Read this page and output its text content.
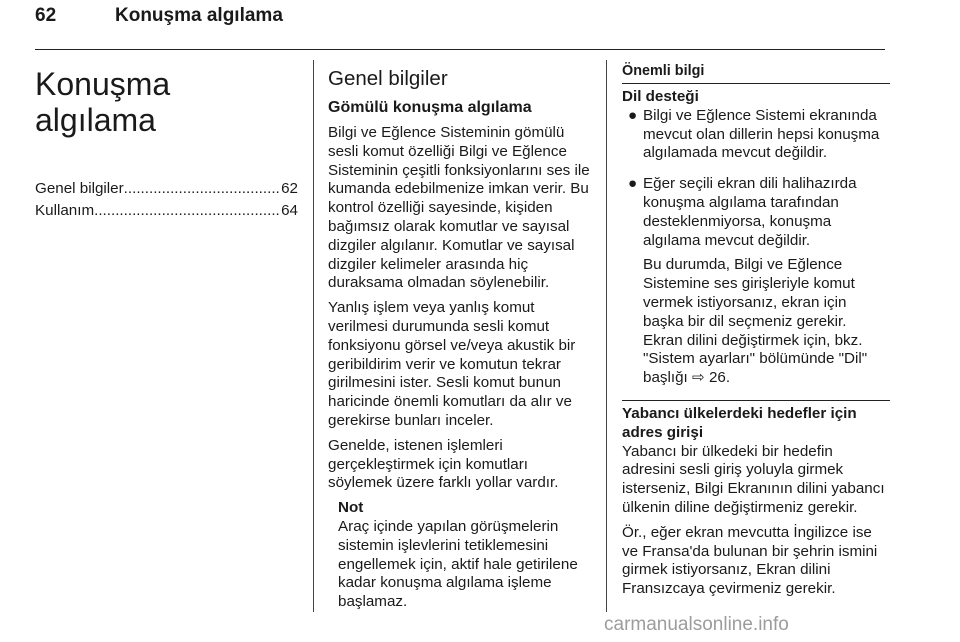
62	Konuşma algılama
Konuşma algılama
Genel bilgiler .....	62
Kullanım .....	64
Genel bilgiler
Gömülü konuşma algılama

Bilgi ve Eğlence Sisteminin gömülü sesli komut özelliği Bilgi ve Eğlence Sisteminin çeşitli fonksiyonlarını ses ile kumanda edebilmenize imkan verir. Bu kontrol özelliği sayesinde, kişiden bağımsız olarak komutlar ve sayısal dizgiler algılanır. Komutlar ve sayısal dizgiler kelimeler arasında hiç duraksama olmadan söylenebilir.

Yanlış işlem veya yanlış komut verilmesi durumunda sesli komut fonksiyonu görsel ve/veya akustik bir geribildirim verir ve komutun tekrar girilmesini ister. Sesli komut bunun haricinde önemli komutları da alır ve gerekirse bunları inceler.

Genelde, istenen işlemleri gerçekleştirmek için komutları söylemek üzere farklı yollar vardır.

Not
Araç içinde yapılan görüşmelerin sistemin işlevlerini tetiklemesini engellemek için, aktif hale getirilene kadar konuşma algılama işleme başlamaz.
Önemli bilgi
Dil desteği
● Bilgi ve Eğlence Sistemi ekranında mevcut olan dillerin hepsi konuşma algılamada mevcut değildir.

● Eğer seçili ekran dili halihazırda konuşma algılama tarafından desteklenmiyorsa, konuşma algılama mevcut değildir.

Bu durumda, Bilgi ve Eğlence Sistemine ses girişleriyle komut vermek istiyorsanız, ekran için başka bir dil seçmeniz gerekir. Ekran dilini değiştirmek için, bkz. "Sistem ayarları" bölümünde "Dil" başlığı ⇨ 26.

Yabancı ülkelerdeki hedefler için adres girişi

Yabancı bir ülkedeki bir hedefin adresini sesli giriş yoluyla girmek isterseniz, Bilgi Ekranının dilini yabancı ülkenin diline değiştirmeniz gerekir.

Ör., eğer ekran mevcutta İngilizce ise ve Fransa'da bulunan bir şehrin ismini girmek istiyorsanız, Ekran dilini Fransızcaya çevirmeniz gerekir.

carmanualsonline.info
